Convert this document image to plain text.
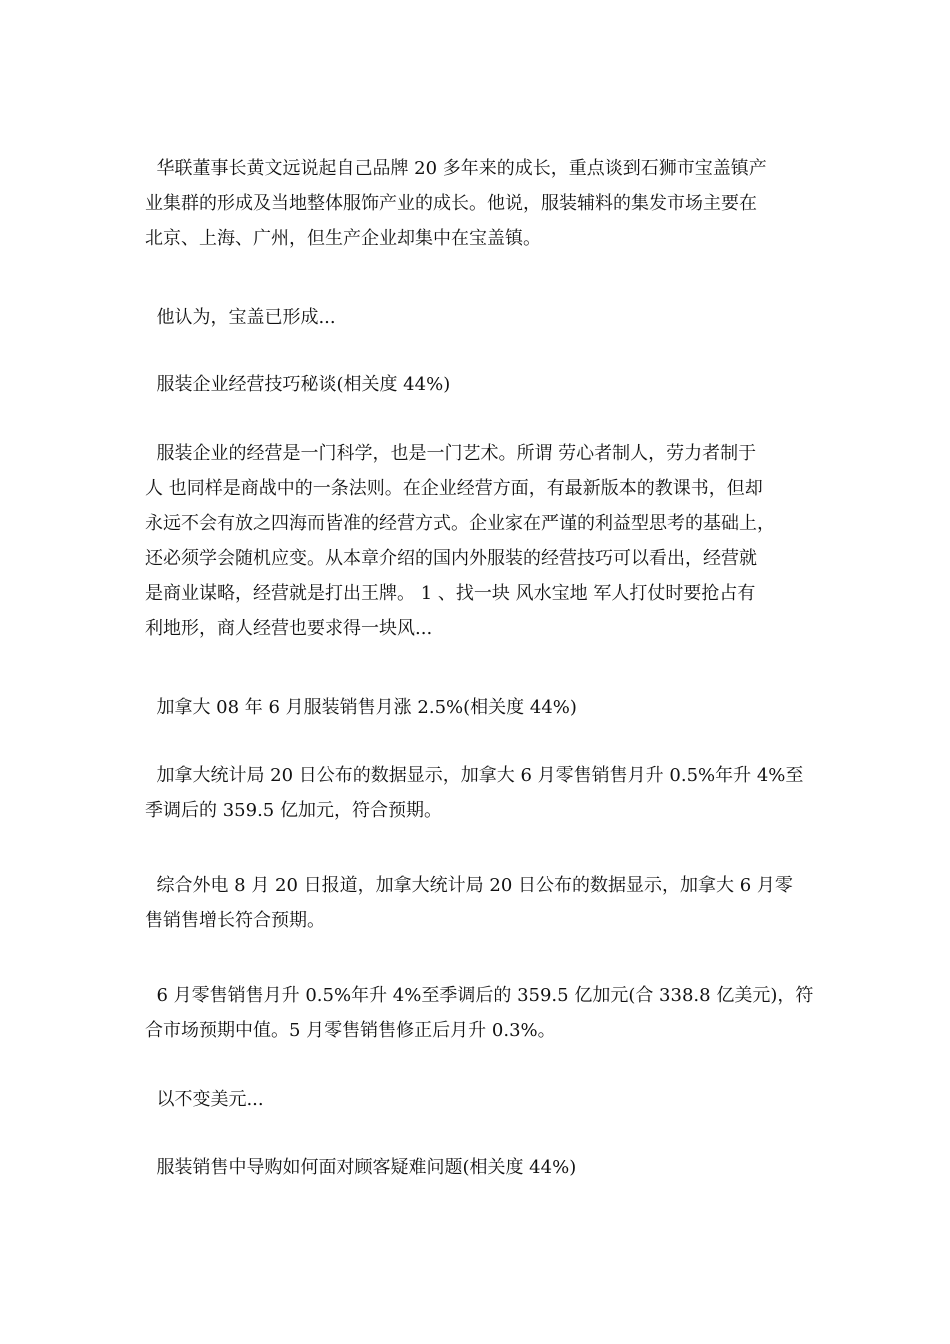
华联董事长黄文远说起自己品牌 20 多年来的成长，重点谈到石狮市宝盖镇产
业集群的形成及当地整体服饰产业的成长。他说，服装辅料的集发市场主要在
北京、上海、广州，但生产企业却集中在宝盖镇。

他认为，宝盖已形成...

服装企业经营技巧秘谈(相关度 44%)

服装企业的经营是一门科学，也是一门艺术。所谓 劳心者制人，劳力者制于
人 也同样是商战中的一条法则。在企业经营方面，有最新版本的教课书，但却
永远不会有放之四海而皆准的经营方式。企业家在严谨的利益型思考的基础上，
还必须学会随机应变。从本章介绍的国内外服装的经营技巧可以看出，经营就
是商业谋略，经营就是打出王牌。 1 、找一块 风水宝地 军人打仗时要抢占有
利地形，商人经营也要求得一块风...

加拿大 08 年 6 月服装销售月涨 2.5%(相关度 44%)

加拿大统计局 20 日公布的数据显示，加拿大 6 月零售销售月升 0.5%年升 4%至
季调后的 359.5 亿加元，符合预期。

综合外电 8 月 20 日报道，加拿大统计局 20 日公布的数据显示，加拿大 6 月零
售销售增长符合预期。

6 月零售销售月升 0.5%年升 4%至季调后的 359.5 亿加元(合 338.8 亿美元)，符
合市场预期中值。5 月零售销售修正后月升 0.3%。

以不变美元...

服装销售中导购如何面对顾客疑难问题(相关度 44%)
